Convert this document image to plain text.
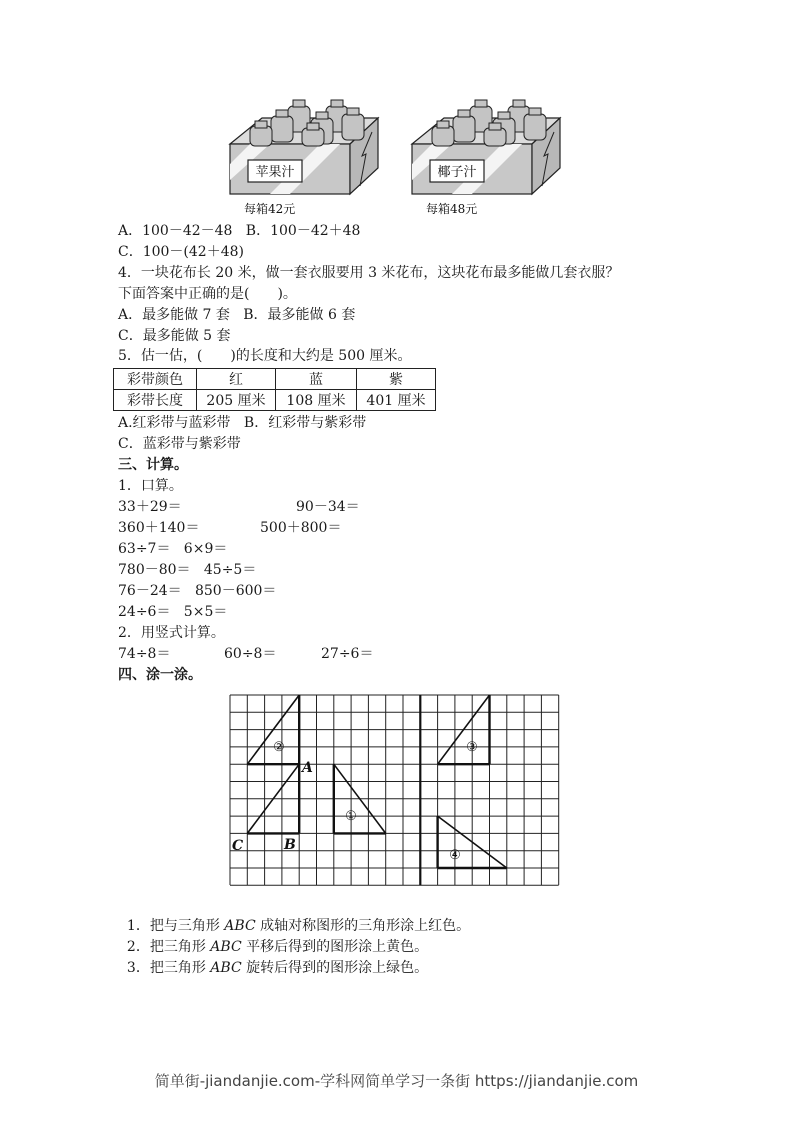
苹果汁
每箱42元
椰子汁
每箱48元
A．100－42－48   B．100－42＋48
C．100－(42＋48)
4．一块花布长 20 米，做一套衣服要用 3 米花布，这块花布最多能做几套衣服？
下面答案中正确的是(　　)。
A．最多能做 7 套   B．最多能做 6 套
C．最多能做 5 套
5．估一估，(　　)的长度和大约是 500 厘米。
彩带颜色	红	蓝	紫
彩带长度	205 厘米	108 厘米	401 厘米
A.红彩带与蓝彩带   B．红彩带与紫彩带
C．蓝彩带与紫彩带
三、计算。
1．口算。
33＋29＝	90－34＝
360＋140＝	500＋800＝
63÷7＝   6×9＝
780－80＝   45÷5＝
76－24＝   850－600＝
24÷6＝   5×5＝
2．用竖式计算。
74÷8＝	60÷8＝	27÷6＝
四、涂一涂。
②
①
③
④
A
B
C

1．把与三角形 ABC 成轴对称图形的三角形涂上红色。

2．把三角形 ABC 平移后得到的图形涂上黄色。

3．把三角形 ABC 旋转后得到的图形涂上绿色。

简单街-jiandanjie.com-学科网简单学习一条街 https://jiandanjie.com
